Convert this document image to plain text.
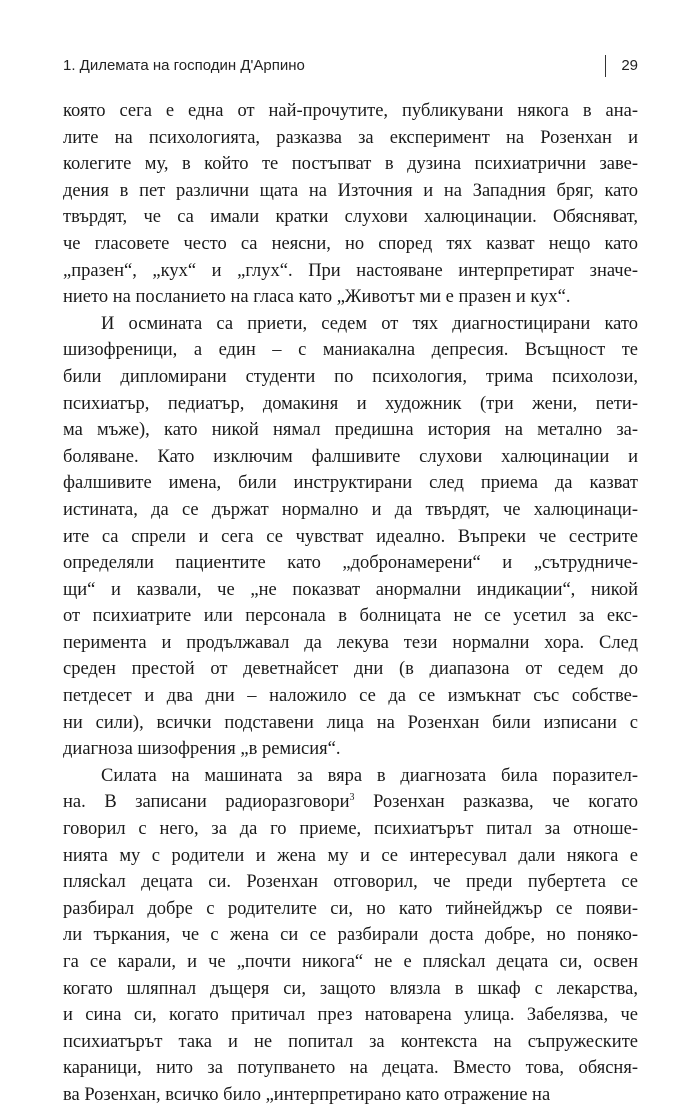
1. Дилемата на господин Д'Арпино	29
която сега е една от най-прочутите, публикувани някога в ана-
лите на психологията, разказва за експеримент на Розенхан и
колегите му, в който те постъпват в дузина психиатрични заве-
дения в пет различни щата на Източния и на Западния бряг, като
твърдят, че са имали кратки слухови халюцинации. Обясняват,
че гласовете често са неясни, но според тях казват нещо като
„празен“, „кух“ и „глух“. При настояване интерпретират значе-
нието на посланието на гласа като „Животът ми е празен и кух“.
И осмината са приети, седем от тях диагностицирани като
шизофреници, а един – с маниакална депресия. Всъщност те
били дипломирани студенти по психология, трима психолози,
психиатър, педиатър, домакиня и художник (три жени, пети-
ма мъже), като никой нямал предишна история на метално за-
боляване. Като изключим фалшивите слухови халюцинации и
фалшивите имена, били инструктирани след приема да казват
истината, да се държат нормално и да твърдят, че халюцинаци-
ите са спрели и сега се чувстват идеално. Въпреки че сестрите
определяли пациентите като „добронамерени“ и „сътрудниче-
щи“ и казвали, че „не показват анормални индикации“, никой
от психиатрите или персонала в болницата не се усетил за екс-
перимента и продължавал да лекува тези нормални хора. След
среден престой от деветнайсет дни (в диапазона от седем до
петдесет и два дни – наложило се да се измъкнат със собстве-
ни сили), всички подставени лица на Розенхан били изписани с
диагноза шизофрения „в ремисия“.
Силата на машината за вяра в диагнозата била поразител-
на. В записани радиоразговори$^3$ Розенхан разказва, че когато
говорил с него, за да го приеме, психиатърът питал за отноше-
нията му с родители и жена му и се интересувал дали някога е
плясkал децата си. Розенхан отговорил, че преди пубертета се
разбирал добре с родителите си, но като тийнейджър се появи-
ли търкания, че с жена си се разбирали доста добре, но поняко-
га се карали, и че „почти никога“ не е плясkал децата си, освен
когато шляпнал дъщеря си, защото влязла в шкаф с лекарства,
и сина си, когато притичал през натоварена улица. Забелязва, че
психиатърът така и не попитал за контекста на съпружеските
караници, нито за потупването на децата. Вместо това, обясня-
ва Розенхан, всичко било „интерпретирано като отражение на
